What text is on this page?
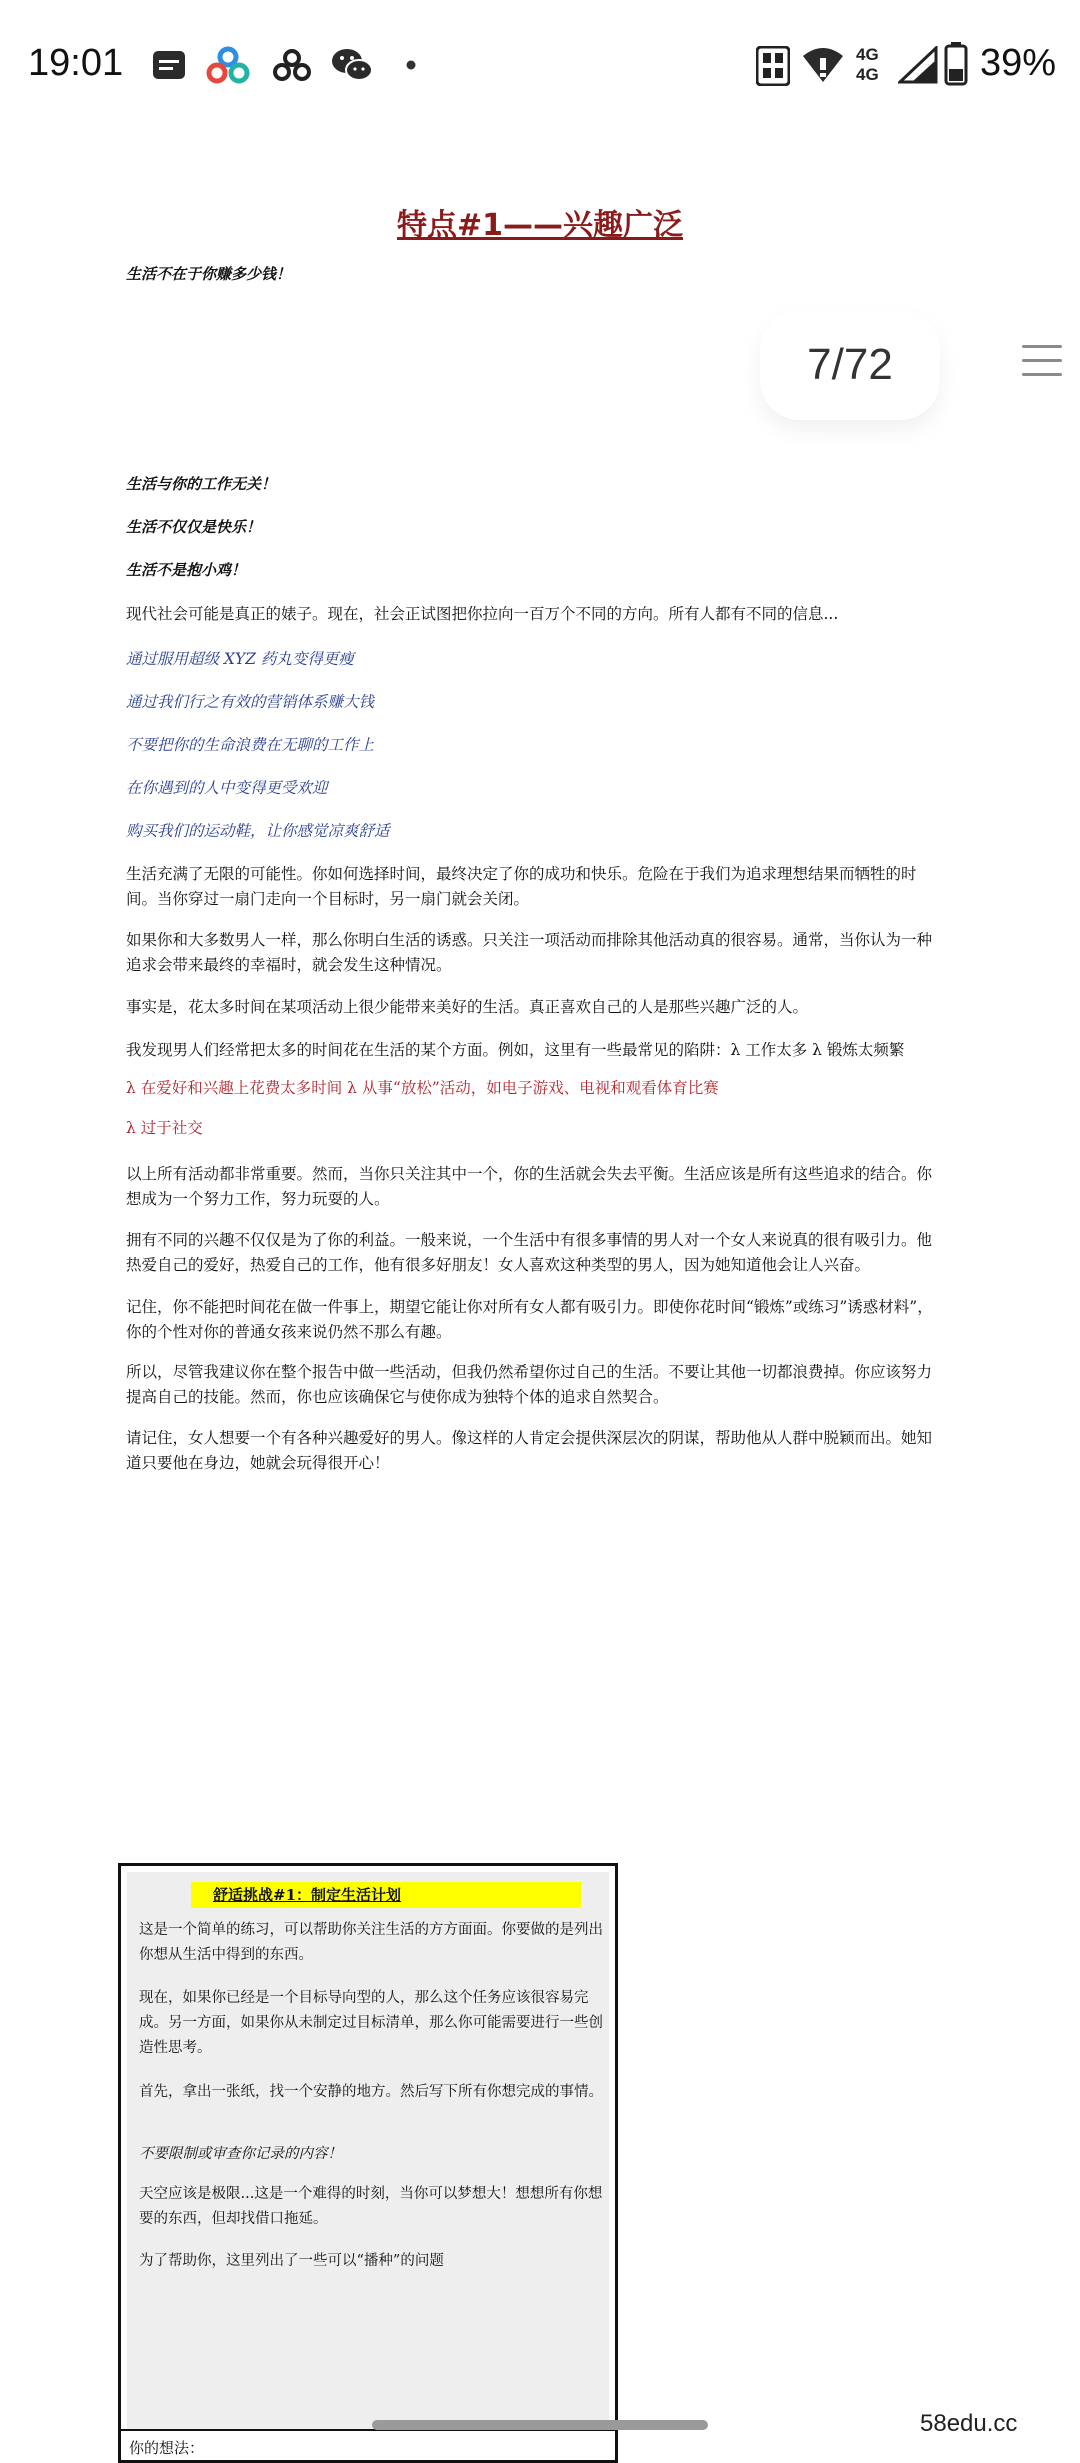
19:01	4G
4G	39%
特点#1——兴趣广泛

生活不在于你赚多少钱！

生活与你的工作无关！

生活不仅仅是快乐！

生活不是抱小鸡！

现代社会可能是真正的婊子。现在，社会正试图把你拉向一百万个不同的方向。所有人都有不同的信息...

通过服用超级 XYZ 药丸变得更瘦

通过我们行之有效的营销体系赚大钱

不要把你的生命浪费在无聊的工作上

在你遇到的人中变得更受欢迎

购买我们的运动鞋，让你感觉凉爽舒适

生活充满了无限的可能性。你如何选择时间，最终决定了你的成功和快乐。危险在于我们为追求理想结果而牺牲的时间。当你穿过一扇门走向一个目标时，另一扇门就会关闭。

如果你和大多数男人一样，那么你明白生活的诱惑。只关注一项活动而排除其他活动真的很容易。通常，当你认为一种追求会带来最终的幸福时，就会发生这种情况。

事实是，花太多时间在某项活动上很少能带来美好的生活。真正喜欢自己的人是那些兴趣广泛的人。

我发现男人们经常把太多的时间花在生活的某个方面。例如，这里有一些最常见的陷阱：λ 工作太多 λ 锻炼太频繁

λ 在爱好和兴趣上花费太多时间 λ 从事“放松”活动，如电子游戏、电视和观看体育比赛

λ 过于社交

以上所有活动都非常重要。然而，当你只关注其中一个，你的生活就会失去平衡。生活应该是所有这些追求的结合。你想成为一个努力工作，努力玩耍的人。

拥有不同的兴趣不仅仅是为了你的利益。一般来说，一个生活中有很多事情的男人对一个女人来说真的很有吸引力。他热爱自己的爱好，热爱自己的工作，他有很多好朋友！女人喜欢这种类型的男人，因为她知道他会让人兴奋。

记住，你不能把时间花在做一件事上，期望它能让你对所有女人都有吸引力。即使你花时间“锻炼”或练习”诱惑材料”，你的个性对你的普通女孩来说仍然不那么有趣。

所以，尽管我建议你在整个报告中做一些活动，但我仍然希望你过自己的生活。不要让其他一切都浪费掉。你应该努力提高自己的技能。然而，你也应该确保它与使你成为独特个体的追求自然契合。

请记住，女人想要一个有各种兴趣爱好的男人。像这样的人肯定会提供深层次的阴谋，帮助他从人群中脱颖而出。她知道只要他在身边，她就会玩得很开心！

7/72
舒适挑战#1：制定生活计划

这是一个简单的练习，可以帮助你关注生活的方方面面。你要做的是列出你想从生活中得到的东西。

现在，如果你已经是一个目标导向型的人，那么这个任务应该很容易完成。另一方面，如果你从未制定过目标清单，那么你可能需要进行一些创造性思考。

首先，拿出一张纸，找一个安静的地方。然后写下所有你想完成的事情。

不要限制或审查你记录的内容！

天空应该是极限...这是一个难得的时刻，当你可以梦想大！想想所有你想要的东西，但却找借口拖延。

为了帮助你，这里列出了一些可以“播种”的问题

你的想法：
58edu.cc
